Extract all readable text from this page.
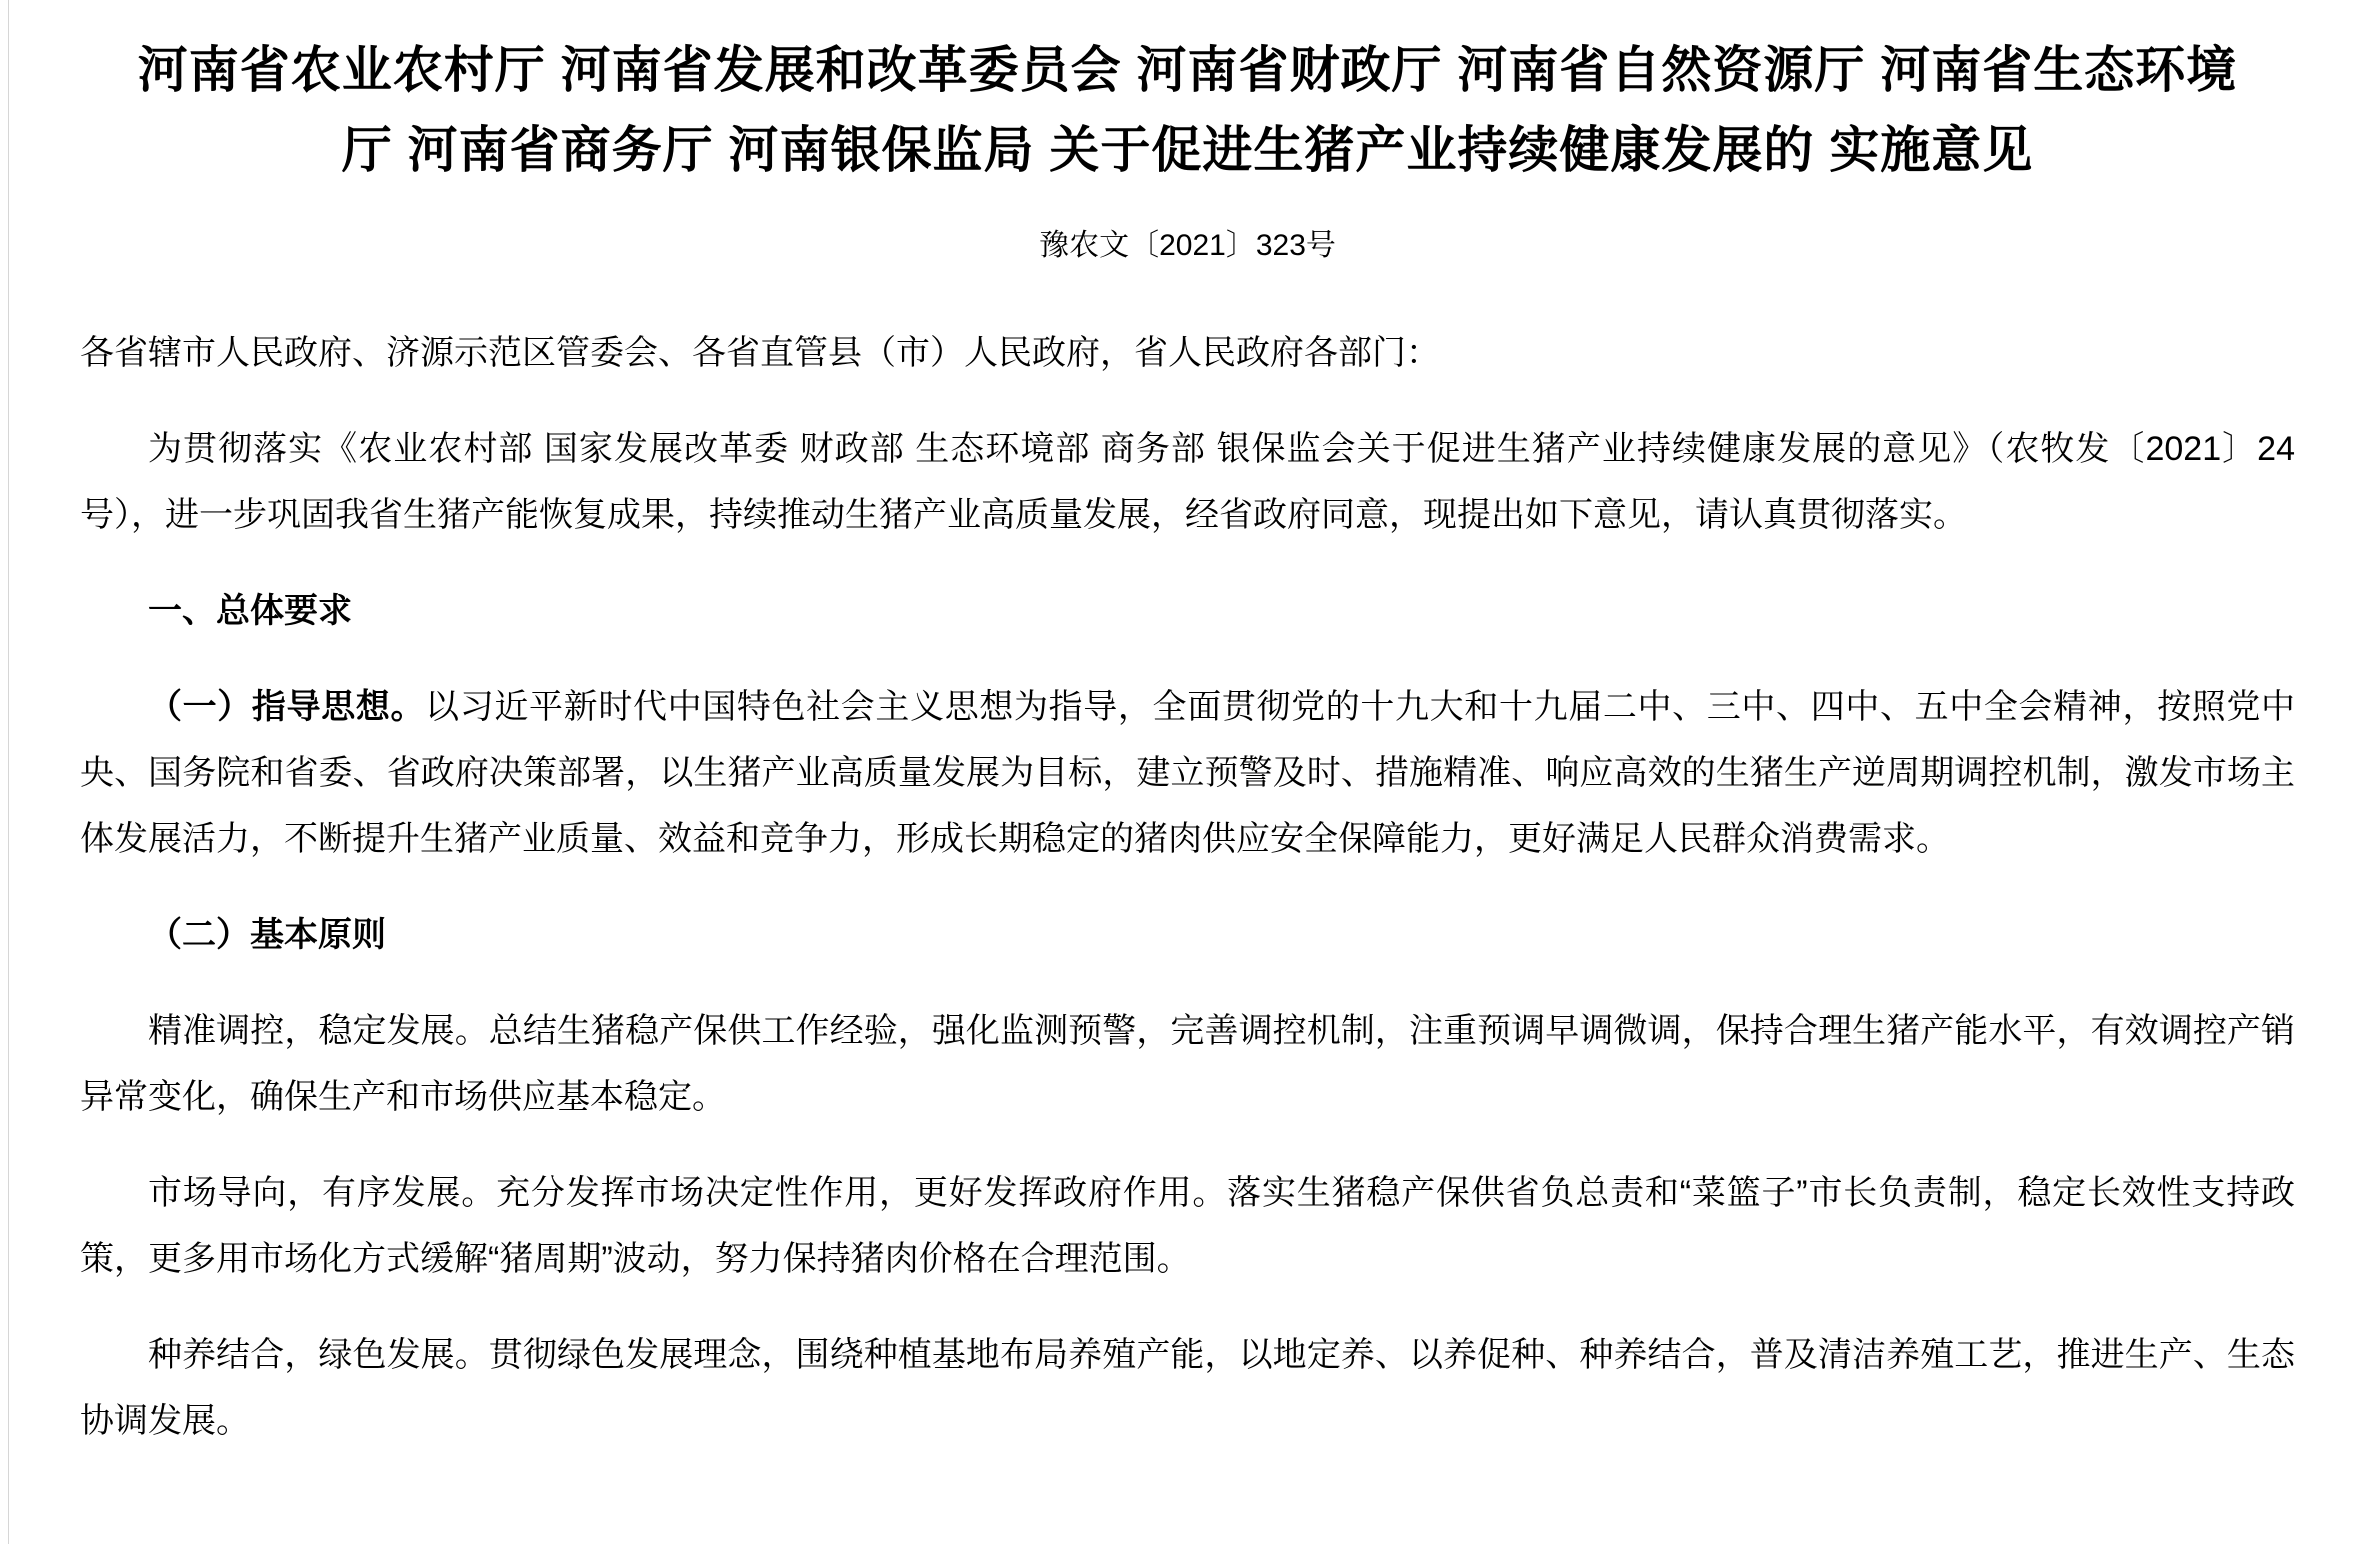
河南省农业农村厅 河南省发展和改革委员会 河南省财政厅 河南省自然资源厅 河南省生态环境厅 河南省商务厅 河南银保监局 关于促进生猪产业持续健康发展的 实施意见
豫农文〔2021〕323号

各省辖市人民政府、济源示范区管委会、各省直管县（市）人民政府，省人民政府各部门：

为贯彻落实《农业农村部 国家发展改革委 财政部 生态环境部 商务部 银保监会关于促进生猪产业持续健康发展的意见》（农牧发〔2021〕24号），进一步巩固我省生猪产能恢复成果，持续推动生猪产业高质量发展，经省政府同意，现提出如下意见，请认真贯彻落实。

一、总体要求

（一）指导思想。以习近平新时代中国特色社会主义思想为指导，全面贯彻党的十九大和十九届二中、三中、四中、五中全会精神，按照党中央、国务院和省委、省政府决策部署，以生猪产业高质量发展为目标，建立预警及时、措施精准、响应高效的生猪生产逆周期调控机制，激发市场主体发展活力，不断提升生猪产业质量、效益和竞争力，形成长期稳定的猪肉供应安全保障能力，更好满足人民群众消费需求。

（二）基本原则

精准调控，稳定发展。总结生猪稳产保供工作经验，强化监测预警，完善调控机制，注重预调早调微调，保持合理生猪产能水平，有效调控产销异常变化，确保生产和市场供应基本稳定。

市场导向，有序发展。充分发挥市场决定性作用，更好发挥政府作用。落实生猪稳产保供省负总责和“菜篮子”市长负责制，稳定长效性支持政策，更多用市场化方式缓解“猪周期”波动，努力保持猪肉价格在合理范围。

种养结合，绿色发展。贯彻绿色发展理念，围绕种植基地布局养殖产能，以地定养、以养促种、种养结合，普及清洁养殖工艺，推进生产、生态协调发展。
